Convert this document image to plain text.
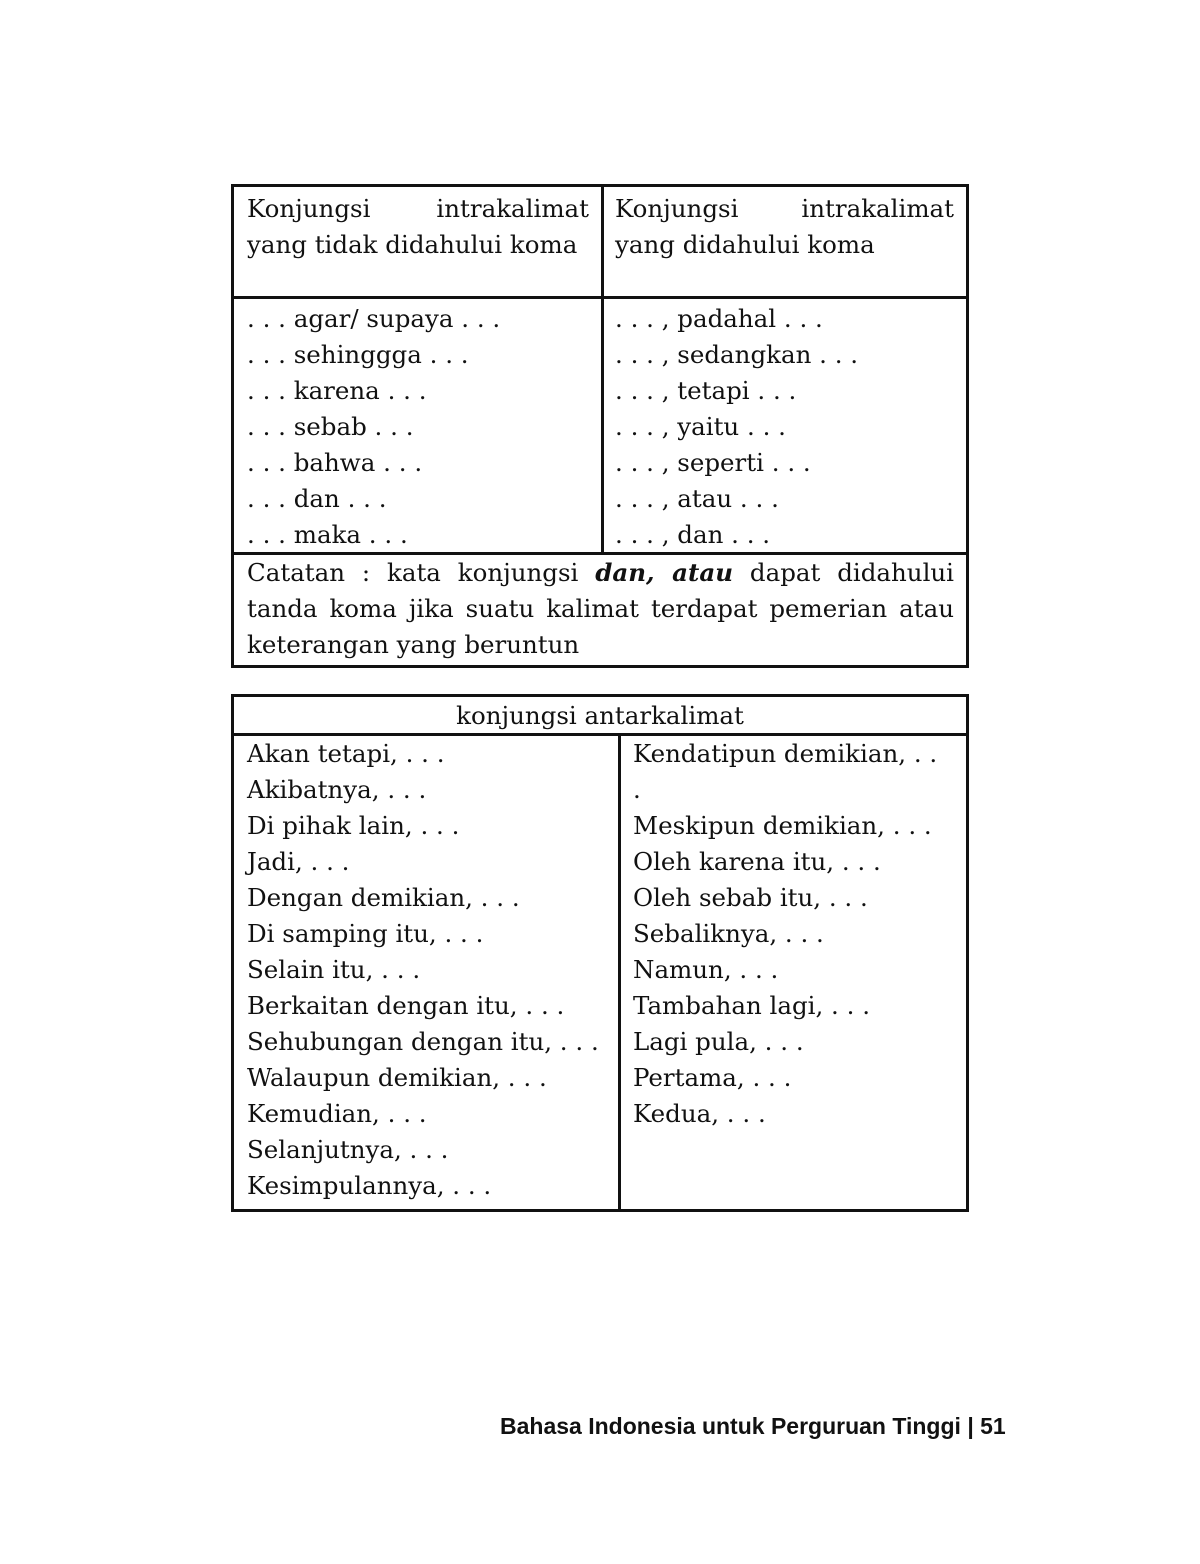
Konjungsi intrakalimat yang tidak didahului koma
Konjungsi intrakalimat yang didahului koma
. . . agar/ supaya . . .
. . . sehinggga . . .
. . . karena . . .
. . . sebab . . .
. . . bahwa . . .
. . . dan . . .
. . . maka . . .
. . . , padahal . . .
. . . , sedangkan . . .
. . . , tetapi . . .
. . . , yaitu . . .
. . . , seperti . . .
. . . , atau . . .
. . . , dan . . .
Catatan : kata konjungsi dan, atau dapat didahului tanda koma jika suatu kalimat terdapat pemerian atau keterangan yang beruntun
konjungsi antarkalimat
Akan tetapi, . . .
Akibatnya, . . .
Di pihak lain, . . .
Jadi, . . .
Dengan demikian, . . .
Di samping itu, . . .
Selain itu, . . .
Berkaitan dengan itu, . . .
Sehubungan dengan itu, . . .
Walaupun demikian, . . .
Kemudian, . . .
Selanjutnya, . . .
Kesimpulannya, . . .
Kendatipun demikian, . .
.
Meskipun demikian, . . .
Oleh karena itu, . . .
Oleh sebab itu, . . .
Sebaliknya, . . .
Namun, . . .
Tambahan lagi, . . .
Lagi pula, . . .
Pertama, . . .
Kedua, . . .
Bahasa Indonesia untuk Perguruan Tinggi | 51
